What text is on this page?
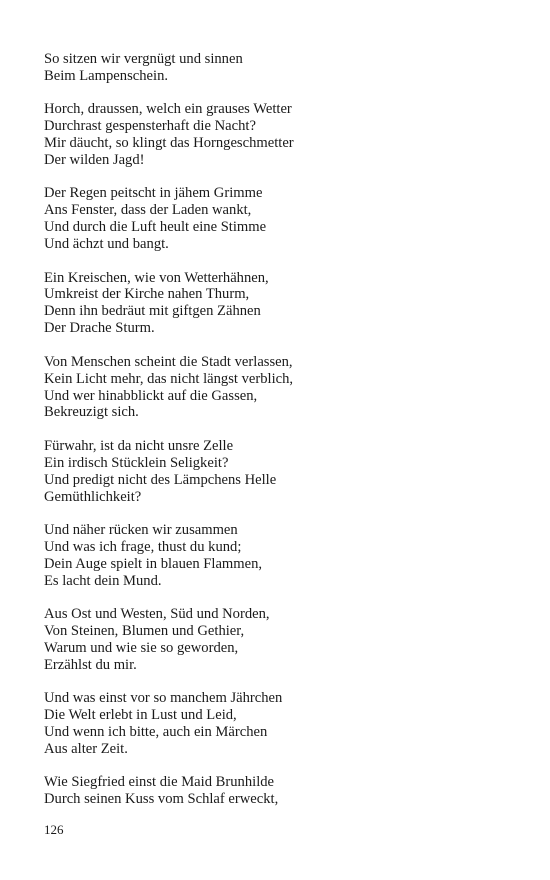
So sitzen wir vergnügt und sinnen
Beim Lampenschein.
Horch, draussen, welch ein grauses Wetter
Durchrast gespensterhaft die Nacht?
Mir däucht, so klingt das Horngeschmetter
Der wilden Jagd!
Der Regen peitscht in jähem Grimme
Ans Fenster, dass der Laden wankt,
Und durch die Luft heult eine Stimme
Und ächzt und bangt.
Ein Kreischen, wie von Wetterhähnen,
Umkreist der Kirche nahen Thurm,
Denn ihn bedräut mit giftgen Zähnen
Der Drache Sturm.
Von Menschen scheint die Stadt verlassen,
Kein Licht mehr, das nicht längst verblich,
Und wer hinabblickt auf die Gassen,
Bekreuzigt sich.
Fürwahr, ist da nicht unsre Zelle
Ein irdisch Stücklein Seligkeit?
Und predigt nicht des Lämpchens Helle
Gemüthlichkeit?
Und näher rücken wir zusammen
Und was ich frage, thust du kund;
Dein Auge spielt in blauen Flammen,
Es lacht dein Mund.
Aus Ost und Westen, Süd und Norden,
Von Steinen, Blumen und Gethier,
Warum und wie sie so geworden,
Erzählst du mir.
Und was einst vor so manchem Jährchen
Die Welt erlebt in Lust und Leid,
Und wenn ich bitte, auch ein Märchen
Aus alter Zeit.
Wie Siegfried einst die Maid Brunhilde
Durch seinen Kuss vom Schlaf erweckt,
126
